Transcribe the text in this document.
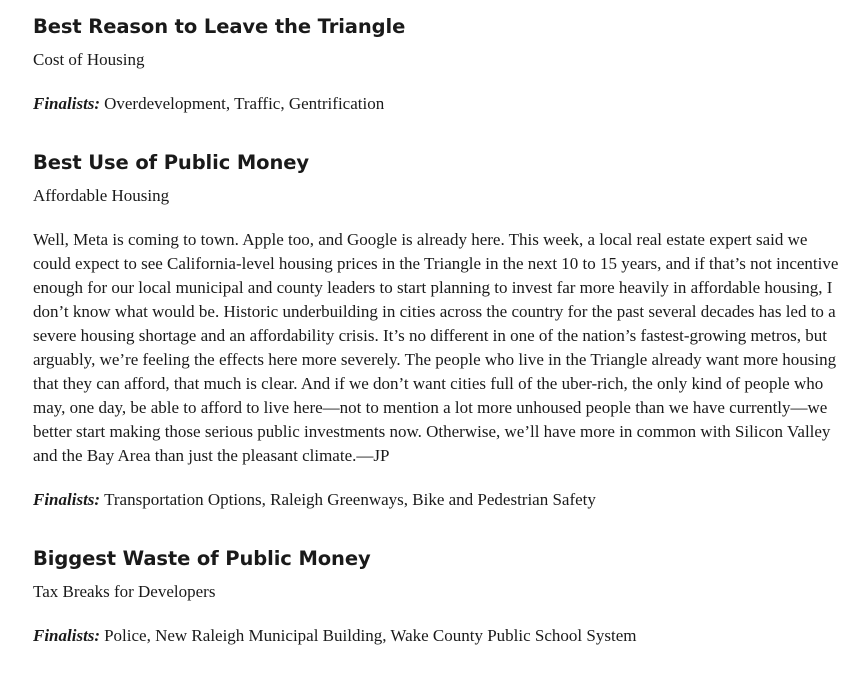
Best Reason to Leave the Triangle

Cost of Housing

Finalists: Overdevelopment, Traffic, Gentrification

Best Use of Public Money

Affordable Housing

Well, Meta is coming to town. Apple too, and Google is already here. This week, a local real estate expert said we could expect to see California-level housing prices in the Triangle in the next 10 to 15 years, and if that’s not incentive enough for our local municipal and county leaders to start planning to invest far more heavily in affordable housing, I don’t know what would be. Historic underbuilding in cities across the country for the past several decades has led to a severe housing shortage and an affordability crisis. It’s no different in one of the nation’s fastest-growing metros, but arguably, we’re feeling the effects here more severely. The people who live in the Triangle already want more housing that they can afford, that much is clear. And if we don’t want cities full of the uber-rich, the only kind of people who may, one day, be able to afford to live here—not to mention a lot more unhoused people than we have currently—we better start making those serious public investments now. Otherwise, we’ll have more in common with Silicon Valley and the Bay Area than just the pleasant climate.—JP

Finalists: Transportation Options, Raleigh Greenways, Bike and Pedestrian Safety

Biggest Waste of Public Money

Tax Breaks for Developers

Finalists: Police, New Raleigh Municipal Building, Wake County Public School System
